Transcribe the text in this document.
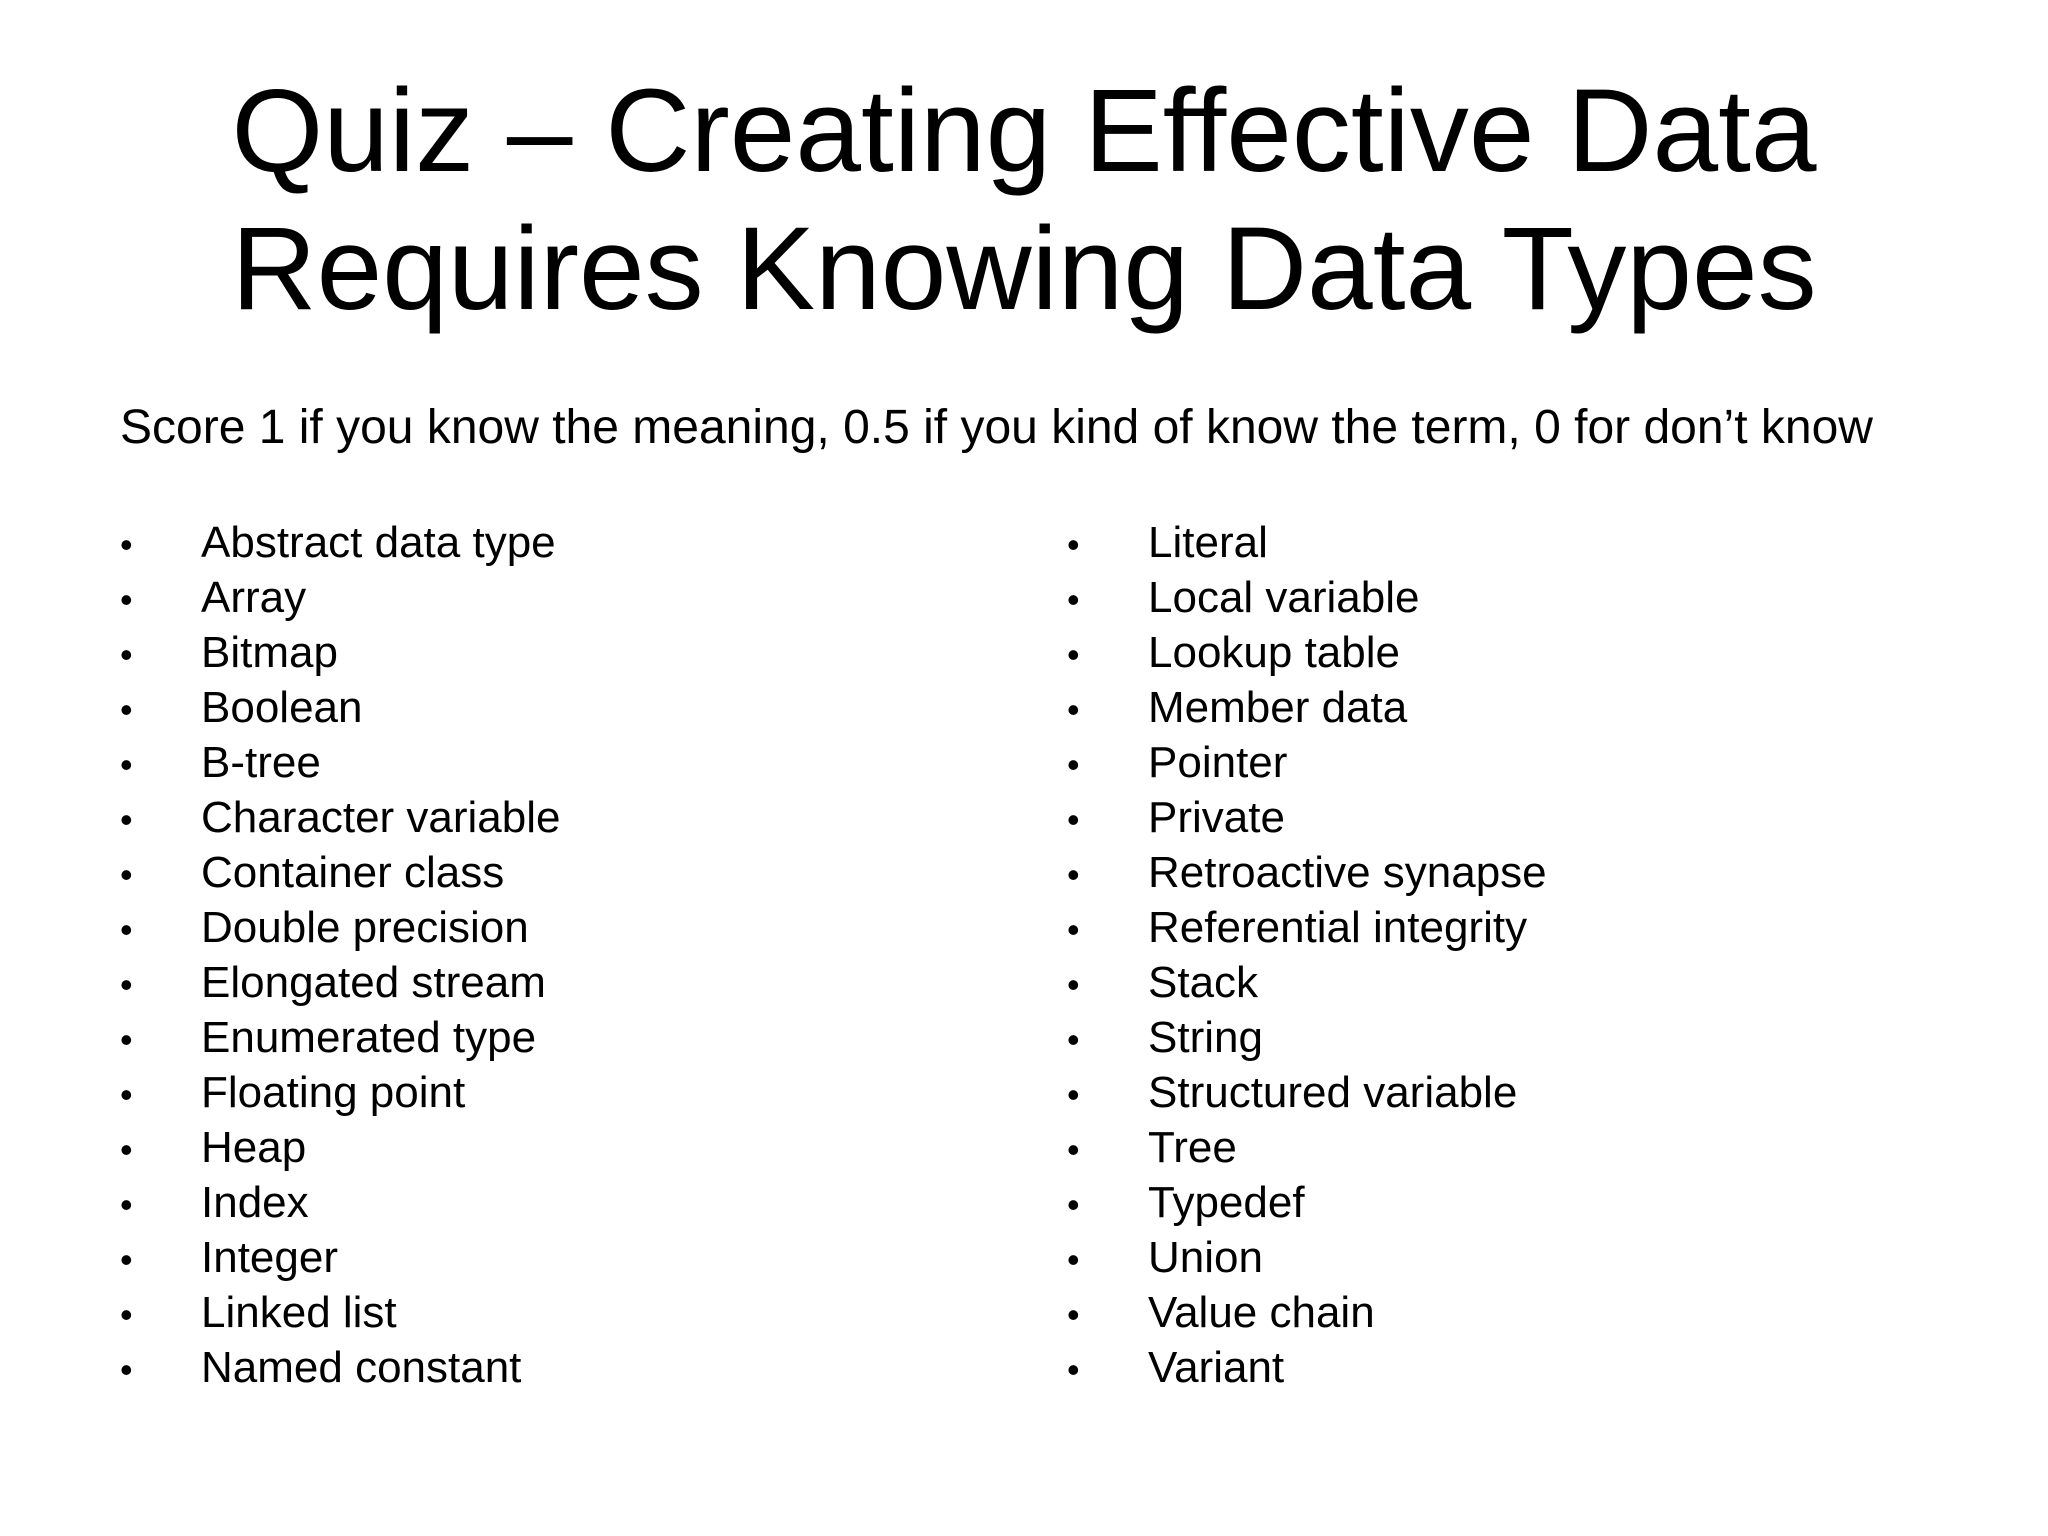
Quiz – Creating Effective Data
Requires Knowing Data Types

Score 1 if you know the meaning, 0.5 if you kind of know the term, 0 for don’t know

•	Abstract data type
•	Array
•	Bitmap
•	Boolean
•	B-tree
•	Character variable
•	Container class
•	Double precision
•	Elongated stream
•	Enumerated type
•	Floating point
•	Heap
•	Index
•	Integer
•	Linked list
•	Named constant
•	Literal
•	Local variable
•	Lookup table
•	Member data
•	Pointer
•	Private
•	Retroactive synapse
•	Referential integrity
•	Stack
•	String
•	Structured variable
•	Tree
•	Typedef
•	Union
•	Value chain
•	Variant
